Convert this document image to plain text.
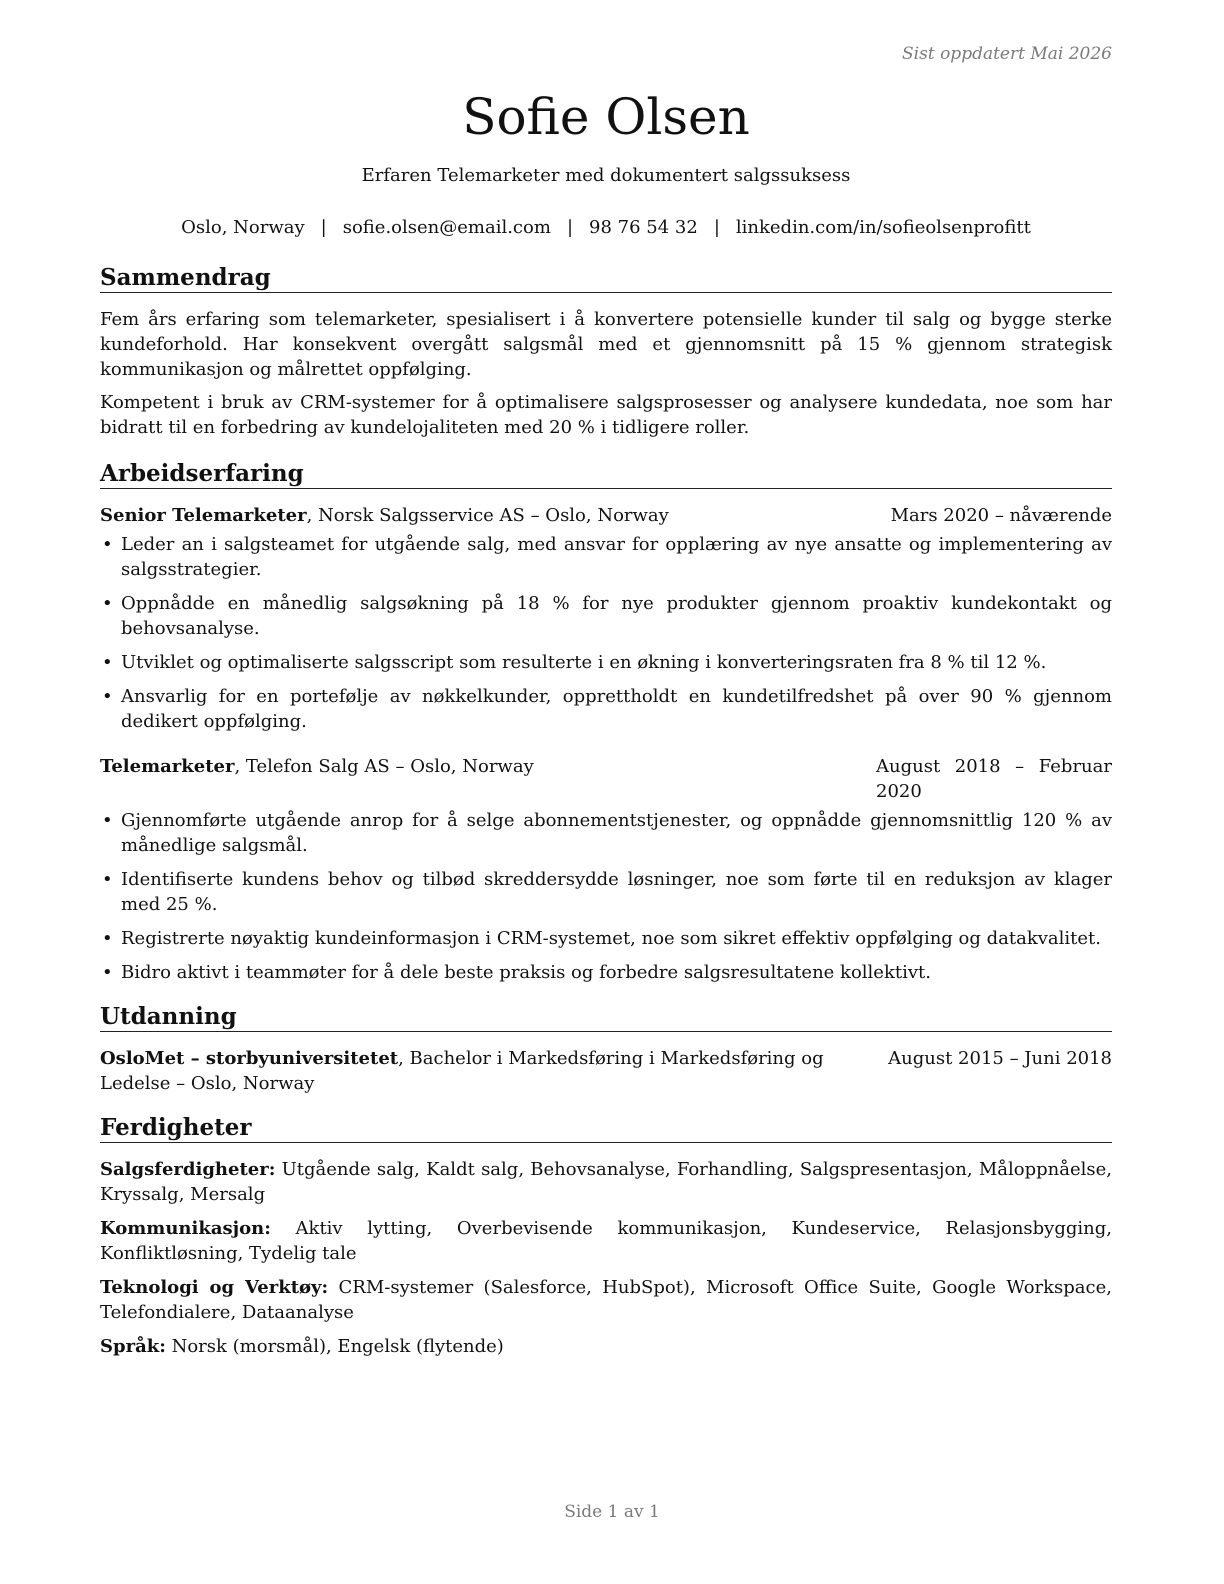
Sist oppdatert Mai 2026
Sofie Olsen
Erfaren Telemarketer med dokumentert salgssuksess
Oslo, Norway | sofie.olsen@email.com | 98 76 54 32 | linkedin.com/in/sofieolsenprofitt
Sammendrag

Fem års erfaring som telemarketer, spesialisert i å konvertere potensielle kunder til salg og bygge sterke kundeforhold. Har konsekvent overgått salgsmål med et gjennomsnitt på 15 % gjennom strategisk kommunikasjon og målrettet oppfølging.

Kompetent i bruk av CRM-systemer for å optimalisere salgsprosesser og analysere kundedata, noe som har bidratt til en forbedring av kundelojaliteten med 20 % i tidligere roller.

Arbeidserfaring
Senior Telemarketer, Norsk Salgsservice AS – Oslo, Norway	Mars 2020 – nåværende
• Leder an i salgsteamet for utgående salg, med ansvar for opplæring av nye ansatte og implementering av salgsstrategier.
• Oppnådde en månedlig salgsøkning på 18 % for nye produkter gjennom proaktiv kundekontakt og behovsanalyse.
• Utviklet og optimaliserte salgsscript som resulterte i en økning i konverteringsraten fra 8 % til 12 %.
• Ansvarlig for en portefølje av nøkkelkunder, opprettholdt en kundetilfredshet på over 90 % gjennom dedikert oppfølging.
Telemarketer, Telefon Salg AS – Oslo, Norway	August 2018 – Februar 2020
• Gjennomførte utgående anrop for å selge abonnementstjenester, og oppnådde gjennomsnittlig 120 % av månedlige salgsmål.
• Identifiserte kundens behov og tilbød skreddersydde løsninger, noe som førte til en reduksjon av klager med 25 %.
• Registrerte nøyaktig kundeinformasjon i CRM-systemet, noe som sikret effektiv oppfølging og datakvalitet.
• Bidro aktivt i teammøter for å dele beste praksis og forbedre salgsresultatene kollektivt.
Utdanning
August 2015 – Juni 2018
OsloMet – storbyuniversitetet, Bachelor i Markedsføring i Markedsføring og Ledelse – Oslo, Norway
Ferdigheter

Salgsferdigheter: Utgående salg, Kaldt salg, Behovsanalyse, Forhandling, Salgspresentasjon, Måloppnåelse, Kryssalg, Mersalg

Kommunikasjon: Aktiv lytting, Overbevisende kommunikasjon, Kundeservice, Relasjonsbygging, Konfliktløsning, Tydelig tale

Teknologi og Verktøy: CRM-systemer (Salesforce, HubSpot), Microsoft Office Suite, Google Workspace, Telefondialere, Dataanalyse

Språk: Norsk (morsmål), Engelsk (flytende)

Side 1 av 1
